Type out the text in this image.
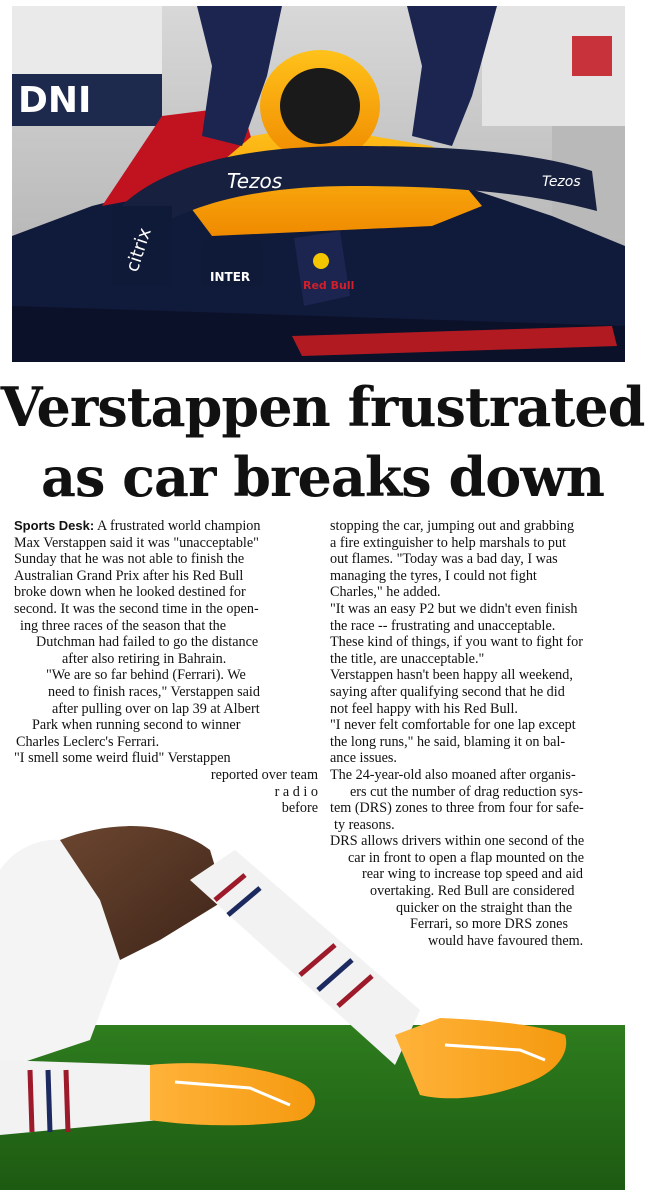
DNI
Tezos	Tezos
citrix
INTER
Red Bull
Verstappen frustrated
as car breaks down
Sports Desk: A frustrated world champion
Max Verstappen said it was "unacceptable"
Sunday that he was not able to finish the
Australian Grand Prix after his Red Bull
broke down when he looked destined for
second. It was the second time in the open-
ing three races of the season that the
Dutchman had failed to go the distance
after also retiring in Bahrain.
"We are so far behind (Ferrari). We
need to finish races," Verstappen said
after pulling over on lap 39 at Albert
Park when running second to winner
Charles Leclerc's Ferrari.
"I smell some weird fluid" Verstappen
reported over team
r a d i o
before
stopping the car, jumping out and grabbing
a fire extinguisher to help marshals to put
out flames. "Today was a bad day, I was
managing the tyres, I could not fight
Charles," he added.
"It was an easy P2 but we didn't even finish
the race -- frustrating and unacceptable.
These kind of things, if you want to fight for
the title, are unacceptable."
Verstappen hasn't been happy all weekend,
saying after qualifying second that he did
not feel happy with his Red Bull.
"I never felt comfortable for one lap except
the long runs," he said, blaming it on bal-
ance issues.
The 24-year-old also moaned after organis-
ers cut the number of drag reduction sys-
tem (DRS) zones to three from four for safe-
ty reasons.
DRS allows drivers within one second of the
car in front to open a flap mounted on the
rear wing to increase top speed and aid
overtaking. Red Bull are considered
quicker on the straight than the
Ferrari, so more DRS zones
would have favoured them.
